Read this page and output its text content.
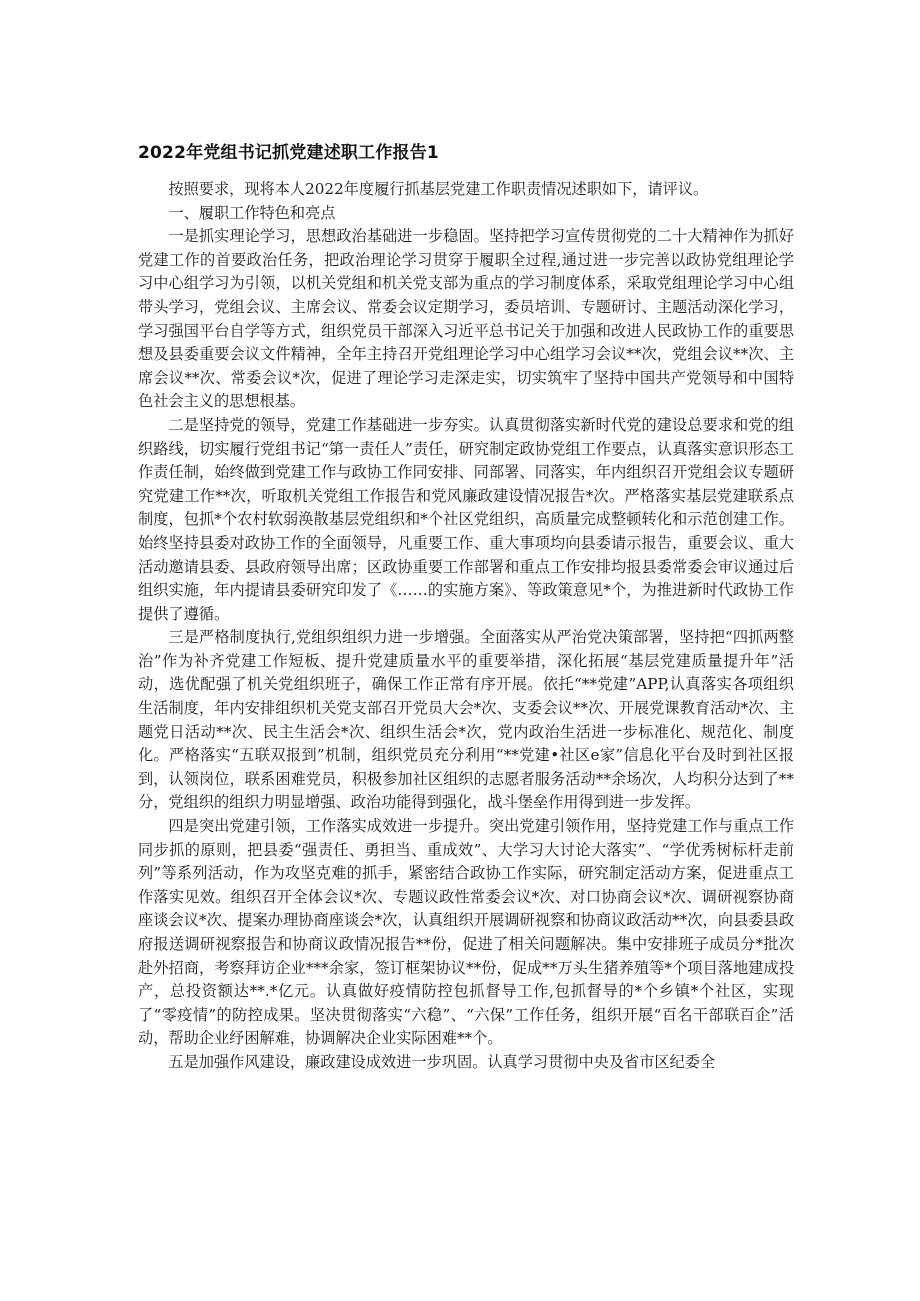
2022年党组书记抓党建述职工作报告1

按照要求，现将本人2022年度履行抓基层党建工作职责情况述职如下，请评议。

一、履职工作特色和亮点

一是抓实理论学习，思想政治基础进一步稳固。坚持把学习宣传贯彻党的二十大精神作为抓好党建工作的首要政治任务，把政治理论学习贯穿于履职全过程,通过进一步完善以政协党组理论学习中心组学习为引领，以机关党组和机关党支部为重点的学习制度体系，采取党组理论学习中心组带头学习，党组会议、主席会议、常委会议定期学习，委员培训、专题研讨、主题活动深化学习，学习强国平台自学等方式，组织党员干部深入习近平总书记关于加强和改进人民政协工作的重要思想及县委重要会议文件精神，全年主持召开党组理论学习中心组学习会议**次，党组会议**次、主席会议**次、常委会议*次，促进了理论学习走深走实，切实筑牢了坚持中国共产党领导和中国特色社会主义的思想根基。

二是坚持党的领导，党建工作基础进一步夯实。认真贯彻落实新时代党的建设总要求和党的组织路线，切实履行党组书记“第一责任人”责任，研究制定政协党组工作要点，认真落实意识形态工作责任制，始终做到党建工作与政协工作同安排、同部署、同落实，年内组织召开党组会议专题研究党建工作**次，听取机关党组工作报告和党风廉政建设情况报告*次。严格落实基层党建联系点制度，包抓*个农村软弱涣散基层党组织和*个社区党组织，高质量完成整顿转化和示范创建工作。始终坚持县委对政协工作的全面领导，凡重要工作、重大事项均向县委请示报告，重要会议、重大活动邀请县委、县政府领导出席；区政协重要工作部署和重点工作安排均报县委常委会审议通过后组织实施，年内提请县委研究印发了《……的实施方案》、等政策意见*个，为推进新时代政协工作提供了遵循。

三是严格制度执行,党组织组织力进一步增强。全面落实从严治党决策部署，坚持把“四抓两整治”作为补齐党建工作短板、提升党建质量水平的重要举措，深化拓展“基层党建质量提升年”活动，选优配强了机关党组织班子，确保工作正常有序开展。依托“**党建”APP,认真落实各项组织生活制度，年内安排组织机关党支部召开党员大会*次、支委会议**次、开展党课教育活动*次、主题党日活动**次、民主生活会*次、组织生活会*次，党内政治生活进一步标准化、规范化、制度化。严格落实“五联双报到”机制，组织党员充分利用“**党建•社区e家”信息化平台及时到社区报到，认领岗位，联系困难党员，积极参加社区组织的志愿者服务活动**余场次，人均积分达到了**分，党组织的组织力明显增强、政治功能得到强化，战斗堡垒作用得到进一步发挥。

四是突出党建引领，工作落实成效进一步提升。突出党建引领作用，坚持党建工作与重点工作同步抓的原则，把县委“强责任、勇担当、重成效”、大学习大讨论大落实”、“学优秀树标杆走前列”等系列活动，作为攻坚克难的抓手，紧密结合政协工作实际，研究制定活动方案，促进重点工作落实见效。组织召开全体会议*次、专题议政性常委会议*次、对口协商会议*次、调研视察协商座谈会议*次、提案办理协商座谈会*次，认真组织开展调研视察和协商议政活动**次，向县委县政府报送调研视察报告和协商议政情况报告**份，促进了相关问题解决。集中安排班子成员分*批次赴外招商，考察拜访企业***余家，签订框架协议**份，促成**万头生猪养殖等*个项目落地建成投产，总投资额达**.*亿元。认真做好疫情防控包抓督导工作,包抓督导的*个乡镇*个社区，实现了“零疫情”的防控成果。坚决贯彻落实“六稳”、“六保”工作任务，组织开展“百名干部联百企”活动，帮助企业纾困解难，协调解决企业实际困难**个。

五是加强作风建设，廉政建设成效进一步巩固。认真学习贯彻中央及省市区纪委全
